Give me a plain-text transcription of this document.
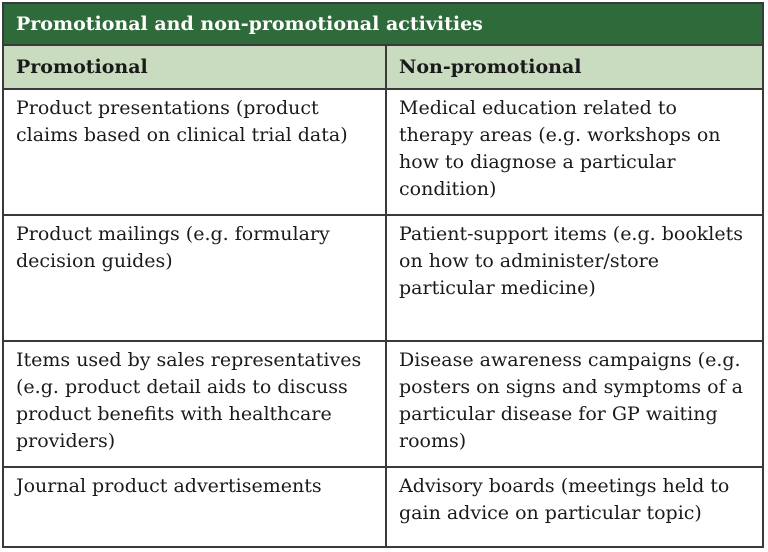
Promotional and non-promotional activities	
Promotional	Non-promotional
Product presentations (product claims based on clinical trial data)	Medical education related to therapy areas (e.g. workshops on how to diagnose a particular condition)
Product mailings (e.g. formulary decision guides)	Patient-support items (e.g. booklets on how to administer/store particular medicine)
Items used by sales representatives (e.g. product detail aids to discuss product benefits with healthcare providers)	Disease awareness campaigns (e.g. posters on signs and symptoms of a particular disease for GP waiting rooms)
Journal product advertisements	Advisory boards (meetings held to gain advice on particular topic)
